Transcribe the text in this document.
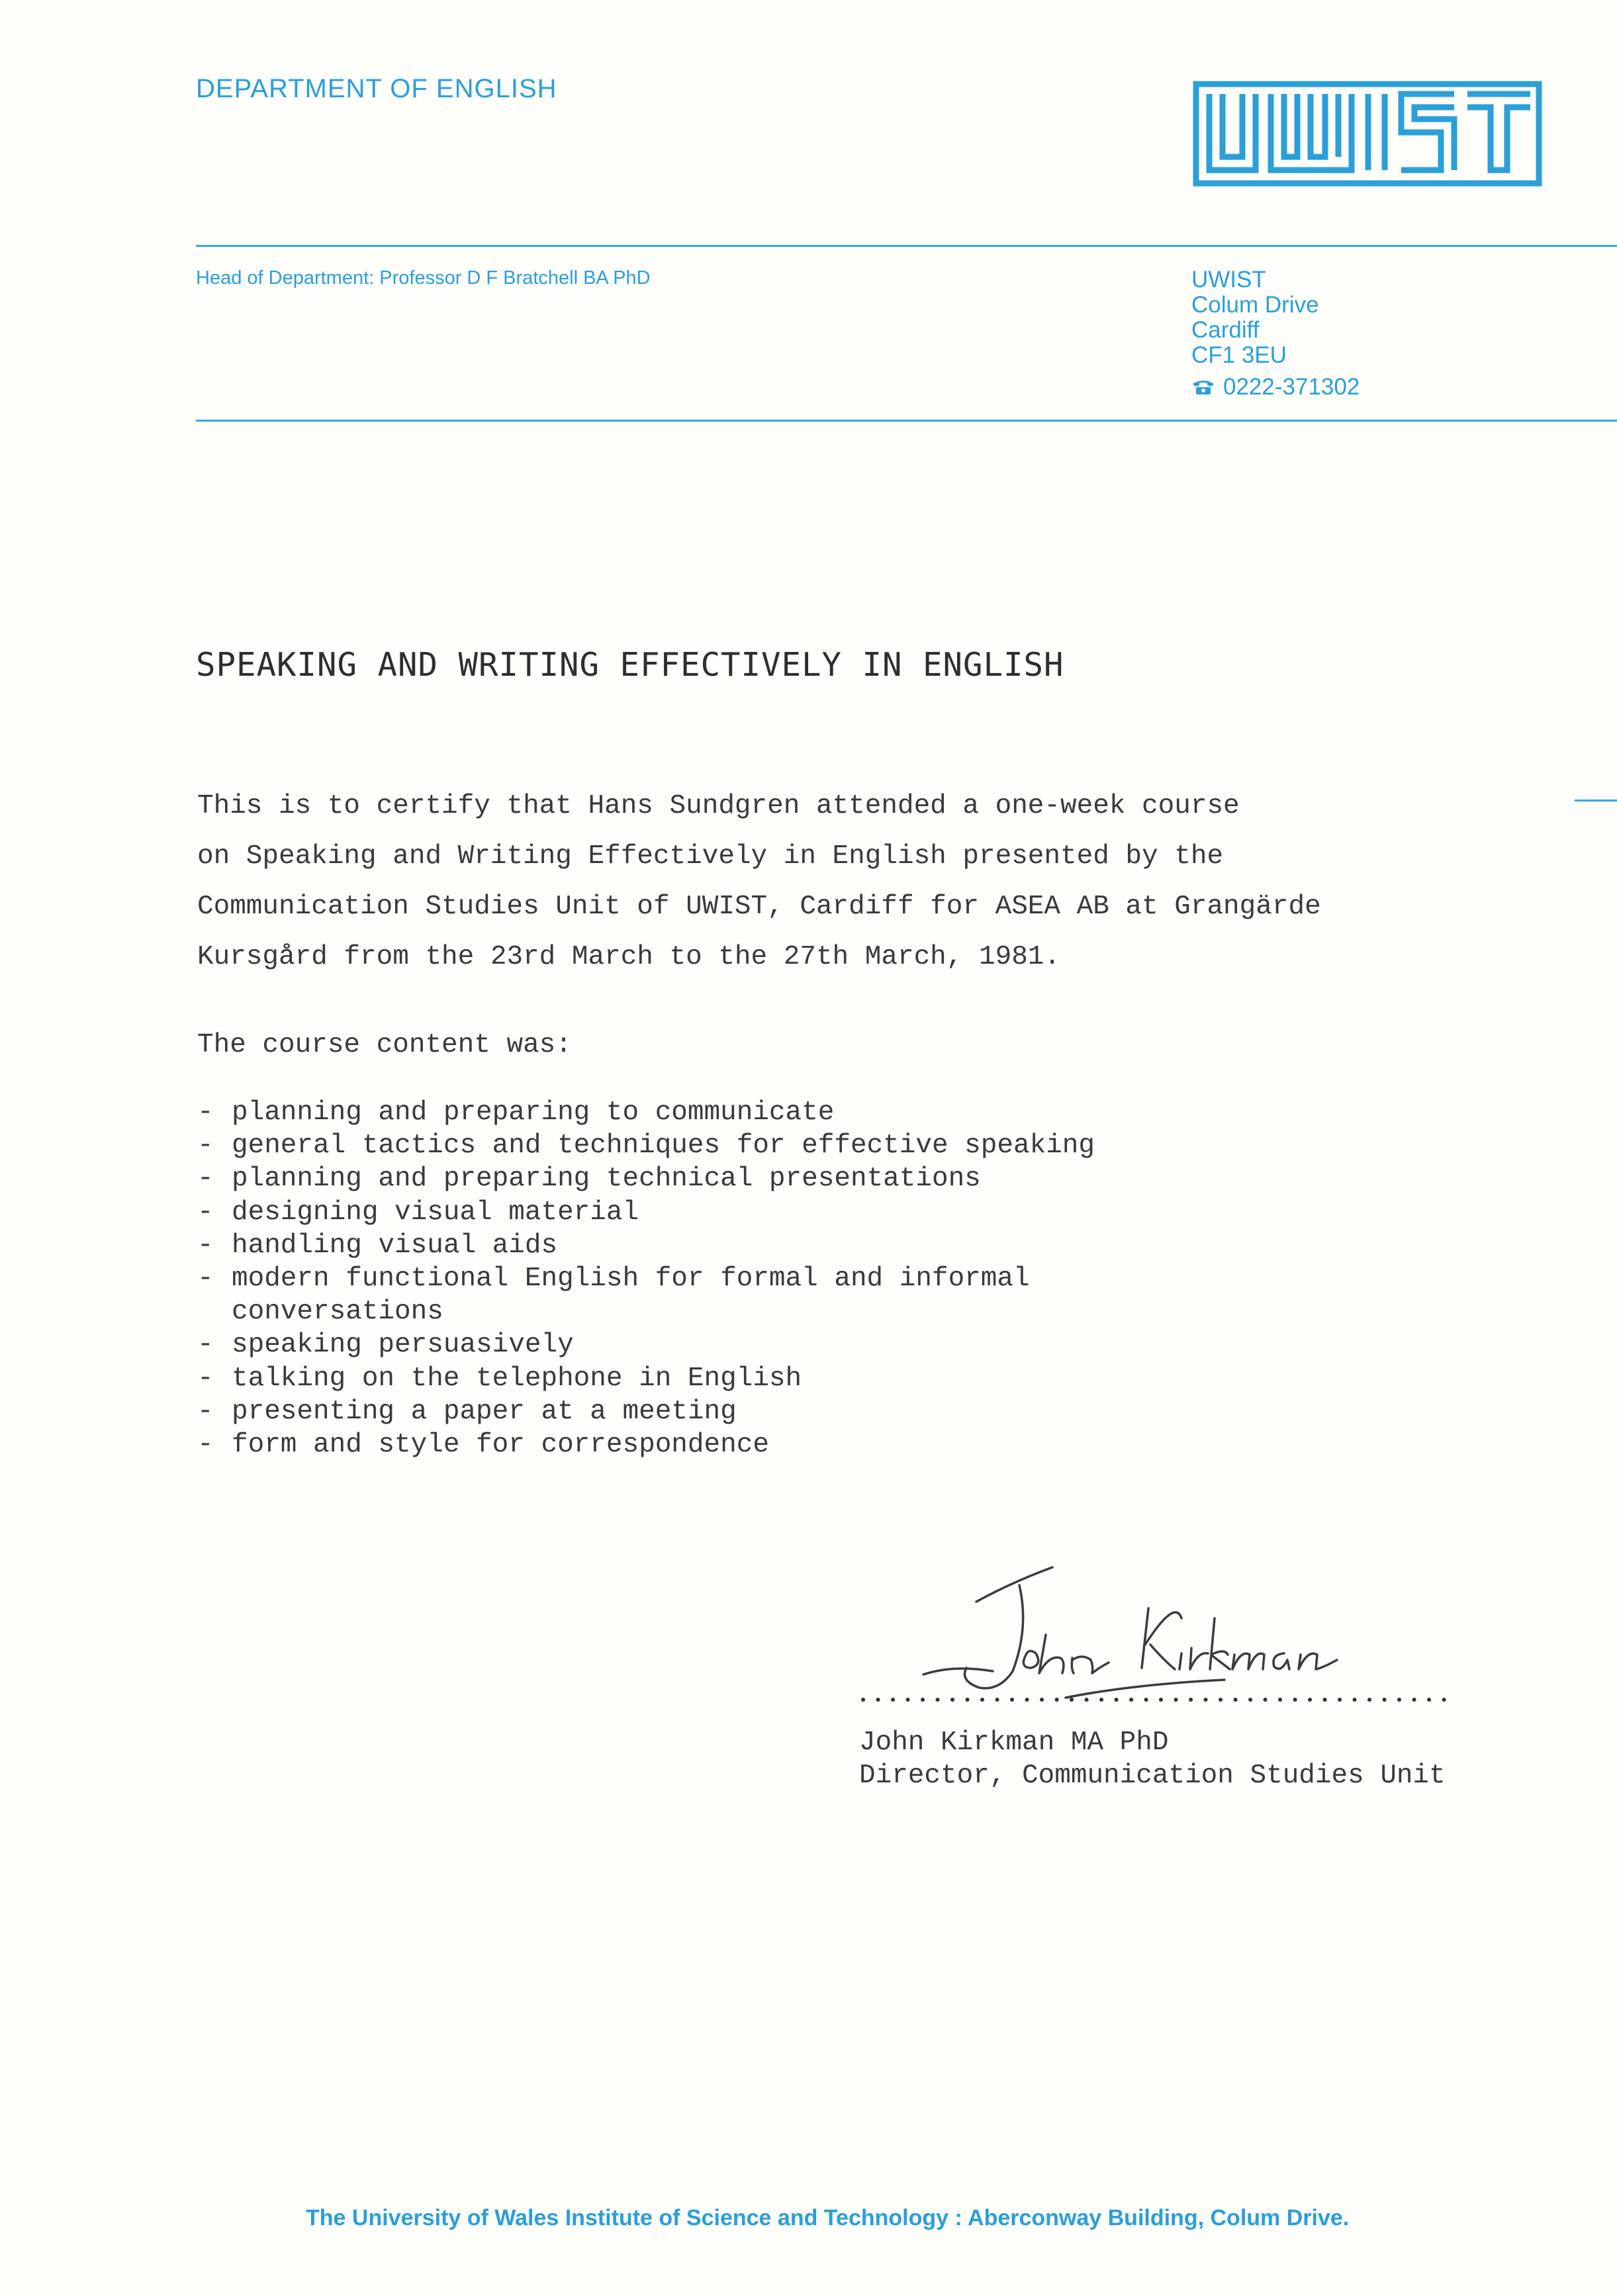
DEPARTMENT OF ENGLISH
Head of Department: Professor D F Bratchell BA PhD	UWIST
Colum Drive
Cardiff
CF1 3EU
0222-371302
SPEAKING AND WRITING EFFECTIVELY IN ENGLISH
This is to certify that Hans Sundgren attended a one-week course
on Speaking and Writing Effectively in English presented by the
Communication Studies Unit of UWIST, Cardiff for ASEA AB at Grangärde
Kursgård from the 23rd March to the 27th March, 1981.
The course content was:
- planning and preparing to communicate
- general tactics and techniques for effective speaking
- planning and preparing technical presentations
- designing visual material
- handling visual aids
- modern functional English for formal and informal
conversations
- speaking persuasively
- talking on the telephone in English
- presenting a paper at a meeting
- form and style for correspondence
John Kirkman MA PhD
Director, Communication Studies Unit
The University of Wales Institute of Science and Technology : Aberconway Building, Colum Drive.
